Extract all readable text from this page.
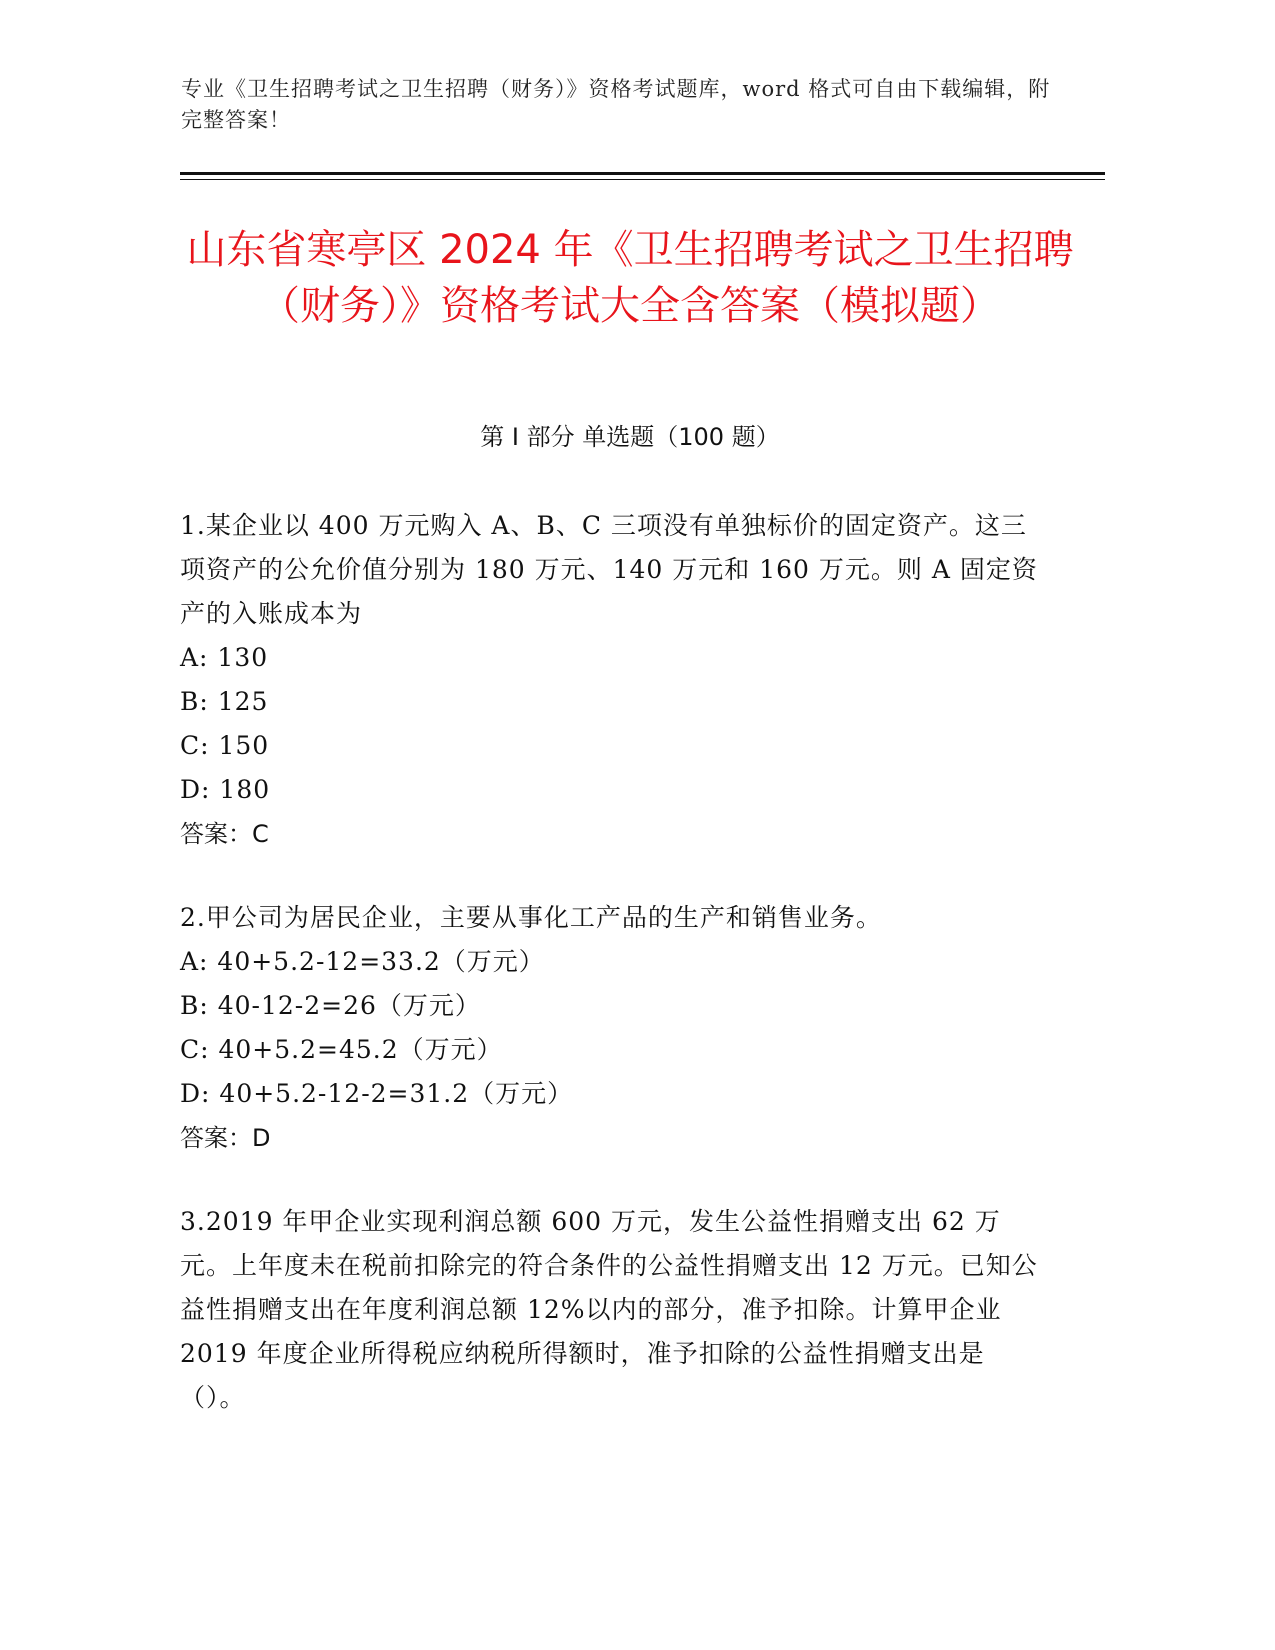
专业《卫生招聘考试之卫生招聘（财务）》资格考试题库，word 格式可自由下载编辑，附完整答案！
山东省寒亭区 2024 年《卫生招聘考试之卫生招聘（财务）》资格考试大全含答案（模拟题）
第 I 部分 单选题（100 题）
1.某企业以 400 万元购入 A、B、C 三项没有单独标价的固定资产。这三项资产的公允价值分别为 180 万元、140 万元和 160 万元。则 A 固定资产的入账成本为
A: 130
B: 125
C: 150
D: 180
答案：C
2.甲公司为居民企业，主要从事化工产品的生产和销售业务。
A: 40+5.2-12=33.2（万元）
B: 40-12-2=26（万元）
C: 40+5.2=45.2（万元）
D: 40+5.2-12-2=31.2（万元）
答案：D
3.2019 年甲企业实现利润总额 600 万元，发生公益性捐赠支出 62 万元。上年度未在税前扣除完的符合条件的公益性捐赠支出 12 万元。已知公益性捐赠支出在年度利润总额 12%以内的部分，准予扣除。计算甲企业 2019 年度企业所得税应纳税所得额时，准予扣除的公益性捐赠支出是（）。
